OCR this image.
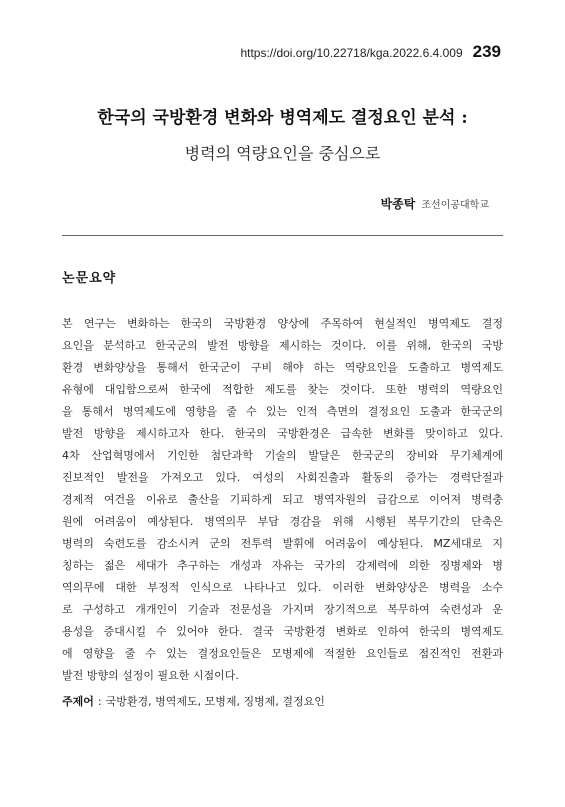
https://doi.org/10.22718/kga.2022.6.4.009 239
한국의 국방환경 변화와 병역제도 결정요인 분석 :
병력의 역량요인을 중심으로
박종탁 조선이공대학교
논문요약
본 연구는 변화하는 한국의 국방환경 양상에 주목하여 현실적인 병역제도 결정
요인을 분석하고 한국군의 발전 방향을 제시하는 것이다. 이를 위해, 한국의 국방
환경 변화양상을 통해서 한국군이 구비 해야 하는 역량요인을 도출하고 병역제도
유형에 대입함으로써 한국에 적합한 제도를 찾는 것이다. 또한 병력의 역량요인
을 통해서 병역제도에 영향을 줄 수 있는 인적 측면의 결정요인 도출과 한국군의
발전 방향을 제시하고자 한다. 한국의 국방환경은 급속한 변화를 맞이하고 있다.
4차 산업혁명에서 기인한 첨단과학 기술의 발달은 한국군의 장비와 무기체계에
진보적인 발전을 가져오고 있다. 여성의 사회진출과 활동의 증가는 경력단절과
경제적 여건을 이유로 출산을 기피하게 되고 병역자원의 급감으로 이어져 병력충
원에 어려움이 예상된다. 병역의무 부담 경감을 위해 시행된 복무기간의 단축은
병력의 숙련도를 감소시켜 군의 전투력 발휘에 어려움이 예상된다. MZ세대로 지
칭하는 젊은 세대가 추구하는 개성과 자유는 국가의 강제력에 의한 징병제와 병
역의무에 대한 부정적 인식으로 나타나고 있다. 이러한 변화양상은 병력을 소수
로 구성하고 개개인이 기술과 전문성을 가지며 장기적으로 복무하여 숙련성과 운
용성을 증대시킬 수 있어야 한다. 결국 국방환경 변화로 인하여 한국의 병역제도
에 영향을 줄 수 있는 결정요인들은 모병제에 적절한 요인들로 점진적인 전환과
발전 방향의 설정이 필요한 시점이다.
주제어 : 국방환경, 병역제도, 모병제, 징병제, 결정요인
